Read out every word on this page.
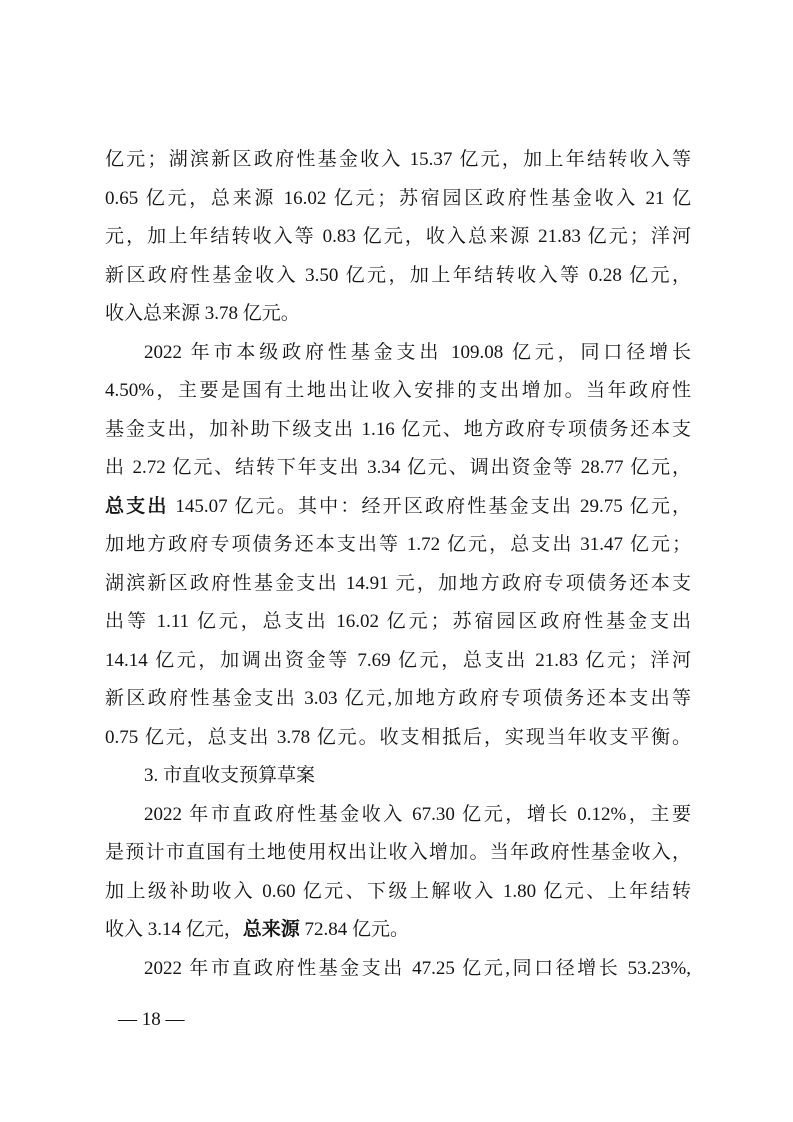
亿元；湖滨新区政府性基金收入 15.37 亿元，加上年结转收入等
0.65 亿元，总来源 16.02 亿元；苏宿园区政府性基金收入 21 亿
元，加上年结转收入等 0.83 亿元，收入总来源 21.83 亿元；洋河
新区政府性基金收入 3.50 亿元，加上年结转收入等 0.28 亿元，
收入总来源 3.78 亿元。
2022 年市本级政府性基金支出 109.08 亿元，同口径增长
4.50%，主要是国有土地出让收入安排的支出增加。当年政府性
基金支出，加补助下级支出 1.16 亿元、地方政府专项债务还本支
出 2.72 亿元、结转下年支出 3.34 亿元、调出资金等 28.77 亿元，
总支出 145.07 亿元。其中：经开区政府性基金支出 29.75 亿元，
加地方政府专项债务还本支出等 1.72 亿元，总支出 31.47 亿元；
湖滨新区政府性基金支出 14.91 元，加地方政府专项债务还本支
出等 1.11 亿元，总支出 16.02 亿元；苏宿园区政府性基金支出
14.14 亿元，加调出资金等 7.69 亿元，总支出 21.83 亿元；洋河
新区政府性基金支出 3.03 亿元,加地方政府专项债务还本支出等
0.75 亿元，总支出 3.78 亿元。收支相抵后，实现当年收支平衡。
3. 市直收支预算草案
2022 年市直政府性基金收入 67.30 亿元，增长 0.12%，主要
是预计市直国有土地使用权出让收入增加。当年政府性基金收入，
加上级补助收入 0.60 亿元、下级上解收入 1.80 亿元、上年结转
收入 3.14 亿元，总来源 72.84 亿元。
2022 年市直政府性基金支出 47.25 亿元,同口径增长 53.23%,
— 18 —
